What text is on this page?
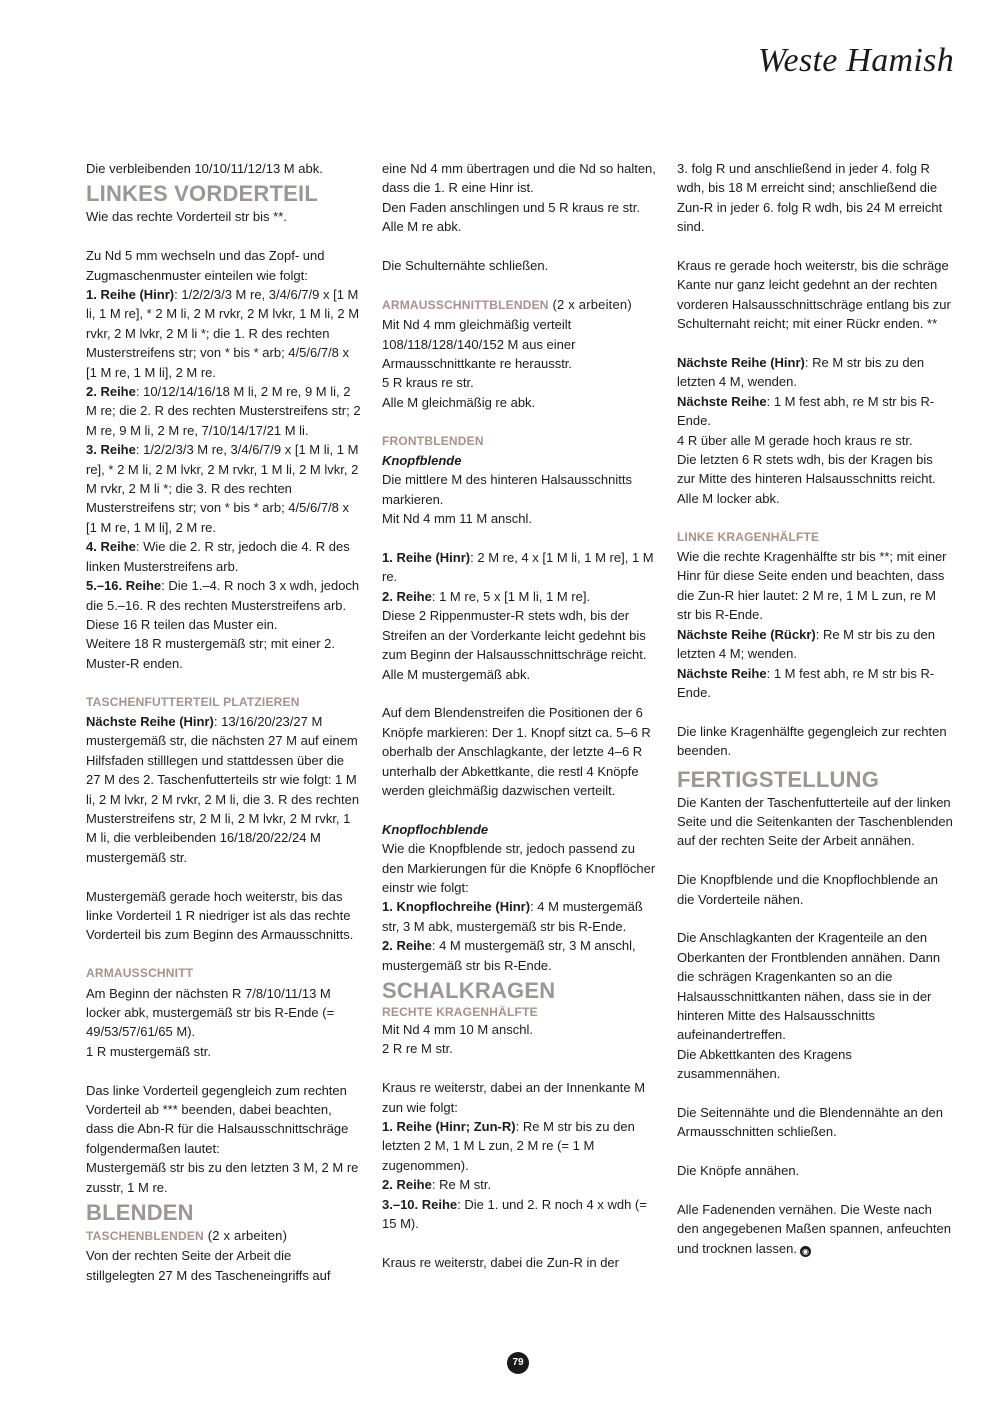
Weste Hamish

Die verbleibenden 10/10/11/12/13 M abk.

LINKES VORDERTEIL

Wie das rechte Vorderteil str bis **.

Zu Nd 5 mm wechseln und das Zopf- und Zugmaschenmuster einteilen wie folgt:

1. Reihe (Hinr): 1/2/2/3/3 M re, 3/4/6/7/9 x [1 M li, 1 M re], * 2 M li, 2 M rvkr, 2 M lvkr, 1 M li, 2 M rvkr, 2 M lvkr, 2 M li *; die 1. R des rechten Musterstreifens str; von * bis * arb; 4/5/6/7/8 x [1 M re, 1 M li], 2 M re.

2. Reihe: 10/12/14/16/18 M li, 2 M re, 9 M li, 2 M re; die 2. R des rechten Musterstreifens str; 2 M re, 9 M li, 2 M re, 7/10/14/17/21 M li.

3. Reihe: 1/2/2/3/3 M re, 3/4/6/7/9 x [1 M li, 1 M re], * 2 M li, 2 M lvkr, 2 M rvkr, 1 M li, 2 M lvkr, 2 M rvkr, 2 M li *; die 3. R des rechten Musterstreifens str; von * bis * arb; 4/5/6/7/8 x [1 M re, 1 M li], 2 M re.

4. Reihe: Wie die 2. R str, jedoch die 4. R des linken Musterstreifens arb.

5.–16. Reihe: Die 1.–4. R noch 3 x wdh, jedoch die 5.–16. R des rechten Musterstreifens arb.

Diese 16 R teilen das Muster ein.

Weitere 18 R mustergemäß str; mit einer 2. Muster-R enden.

TASCHENFUTTERTEIL PLATZIEREN

Nächste Reihe (Hinr): 13/16/20/23/27 M mustergemäß str, die nächsten 27 M auf einem Hilfsfaden stilllegen und stattdessen über die 27 M des 2. Taschenfutterteils str wie folgt: 1 M li, 2 M lvkr, 2 M rvkr, 2 M li, die 3. R des rechten Musterstreifens str, 2 M li, 2 M lvkr, 2 M rvkr, 1 M li, die verbleibenden 16/18/20/22/24 M mustergemäß str.

Mustergemäß gerade hoch weiterstr, bis das linke Vorderteil 1 R niedriger ist als das rechte Vorderteil bis zum Beginn des Armausschnitts.

ARMAUSSCHNITT

Am Beginn der nächsten R 7/8/10/11/13 M locker abk, mustergemäß str bis R-Ende (= 49/53/57/61/65 M).

1 R mustergemäß str.

Das linke Vorderteil gegengleich zum rechten Vorderteil ab *** beenden, dabei beachten, dass die Abn-R für die Halsausschnittschräge folgendermaßen lautet:

Mustergemäß str bis zu den letzten 3 M, 2 M re zusstr, 1 M re.

BLENDEN
TASCHENBLENDEN (2 x arbeiten)

Von der rechten Seite der Arbeit die stillgelegten 27 M des Tascheneingriffs auf

eine Nd 4 mm übertragen und die Nd so halten, dass die 1. R eine Hinr ist.

Den Faden anschlingen und 5 R kraus re str.

Alle M re abk.

Die Schulternähte schließen.

ARMAUSSCHNITTBLENDEN (2 x arbeiten)

Mit Nd 4 mm gleichmäßig verteilt 108/118/128/140/152 M aus einer Armausschnittkante re herausstr.

5 R kraus re str.

Alle M gleichmäßig re abk.

FRONTBLENDEN

Knopfblende

Die mittlere M des hinteren Halsausschnitts markieren.

Mit Nd 4 mm 11 M anschl.

1. Reihe (Hinr): 2 M re, 4 x [1 M li, 1 M re], 1 M re.

2. Reihe: 1 M re, 5 x [1 M li, 1 M re].

Diese 2 Rippenmuster-R stets wdh, bis der Streifen an der Vorderkante leicht gedehnt bis zum Beginn der Halsausschnittschräge reicht.

Alle M mustergemäß abk.

Auf dem Blendenstreifen die Positionen der 6 Knöpfe markieren: Der 1. Knopf sitzt ca. 5–6 R oberhalb der Anschlagkante, der letzte 4–6 R unterhalb der Abkettkante, die restl 4 Knöpfe werden gleichmäßig dazwischen verteilt.

Knopflochblende

Wie die Knopfblende str, jedoch passend zu den Markierungen für die Knöpfe 6 Knopflöcher einstr wie folgt:

1. Knopflochreihe (Hinr): 4 M mustergemäß str, 3 M abk, mustergemäß str bis R-Ende.

2. Reihe: 4 M mustergemäß str, 3 M anschl, mustergemäß str bis R-Ende.

SCHALKRAGEN
RECHTE KRAGENHÄLFTE

Mit Nd 4 mm 10 M anschl.

2 R re M str.

Kraus re weiterstr, dabei an der Innenkante M zun wie folgt:

1. Reihe (Hinr; Zun-R): Re M str bis zu den letzten 2 M, 1 M L zun, 2 M re (= 1 M zugenommen).

2. Reihe: Re M str.

3.–10. Reihe: Die 1. und 2. R noch 4 x wdh (= 15 M).

Kraus re weiterstr, dabei die Zun-R in der

3. folg R und anschließend in jeder 4. folg R wdh, bis 18 M erreicht sind; anschließend die Zun-R in jeder 6. folg R wdh, bis 24 M erreicht sind.

Kraus re gerade hoch weiterstr, bis die schräge Kante nur ganz leicht gedehnt an der rechten vorderen Halsausschnittschräge entlang bis zur Schulternaht reicht; mit einer Rückr enden. **

Nächste Reihe (Hinr): Re M str bis zu den letzten 4 M, wenden.

Nächste Reihe: 1 M fest abh, re M str bis R-Ende.

4 R über alle M gerade hoch kraus re str.

Die letzten 6 R stets wdh, bis der Kragen bis zur Mitte des hinteren Halsausschnitts reicht.

Alle M locker abk.

LINKE KRAGENHÄLFTE

Wie die rechte Kragenhälfte str bis **; mit einer Hinr für diese Seite enden und beachten, dass die Zun-R hier lautet: 2 M re, 1 M L zun, re M str bis R-Ende.

Nächste Reihe (Rückr): Re M str bis zu den letzten 4 M; wenden.

Nächste Reihe: 1 M fest abh, re M str bis R-Ende.

Die linke Kragenhälfte gegengleich zur rechten beenden.

FERTIGSTELLUNG

Die Kanten der Taschenfutterteile auf der linken Seite und die Seitenkanten der Taschenblenden auf der rechten Seite der Arbeit annähen.

Die Knopfblende und die Knopflochblende an die Vorderteile nähen.

Die Anschlagkanten der Kragenteile an den Oberkanten der Frontblenden annähen. Dann die schrägen Kragenkanten so an die Halsausschnittkanten nähen, dass sie in der hinteren Mitte des Halsausschnitts aufeinandertreffen.

Die Abkettkanten des Kragens zusammennähen.

Die Seitennähte und die Blendennähte an den Armausschnitten schließen.

Die Knöpfe annähen.

Alle Fadenenden vernähen. Die Weste nach den angegebenen Maßen spannen, anfeuchten und trocknen lassen. ◉

79
